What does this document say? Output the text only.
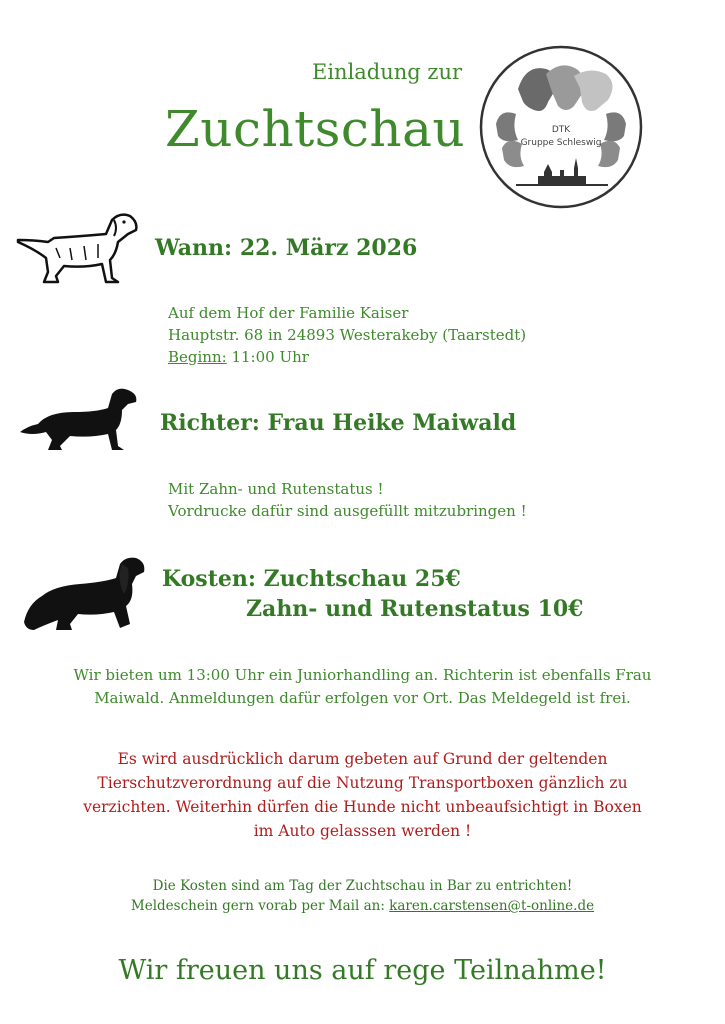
Einladung zur
Zuchtschau	DTK
Gruppe Schleswig
Wann: 22. März 2026
Auf dem Hof der Familie Kaiser
Hauptstr. 68 in 24893 Westerakeby (Taarstedt)
Beginn: 11:00 Uhr
Richter: Frau Heike Maiwald
Mit Zahn- und Rutenstatus !
Vordrucke dafür sind ausgefüllt mitzubringen !
Kosten: Zuchtschau 25€
Zahn- und Rutenstatus 10€
Wir bieten um 13:00 Uhr ein Juniorhandling an. Richterin ist ebenfalls Frau
Maiwald. Anmeldungen dafür erfolgen vor Ort. Das Meldegeld ist frei.
Es wird ausdrücklich darum gebeten auf Grund der geltenden
Tierschutzverordnung auf die Nutzung Transportboxen gänzlich zu
verzichten. Weiterhin dürfen die Hunde nicht unbeaufsichtigt in Boxen
im Auto gelasssen werden !
Die Kosten sind am Tag der Zuchtschau in Bar zu entrichten!
Meldeschein gern vorab per Mail an: karen.carstensen@t-online.de
Wir freuen uns auf rege Teilnahme!
